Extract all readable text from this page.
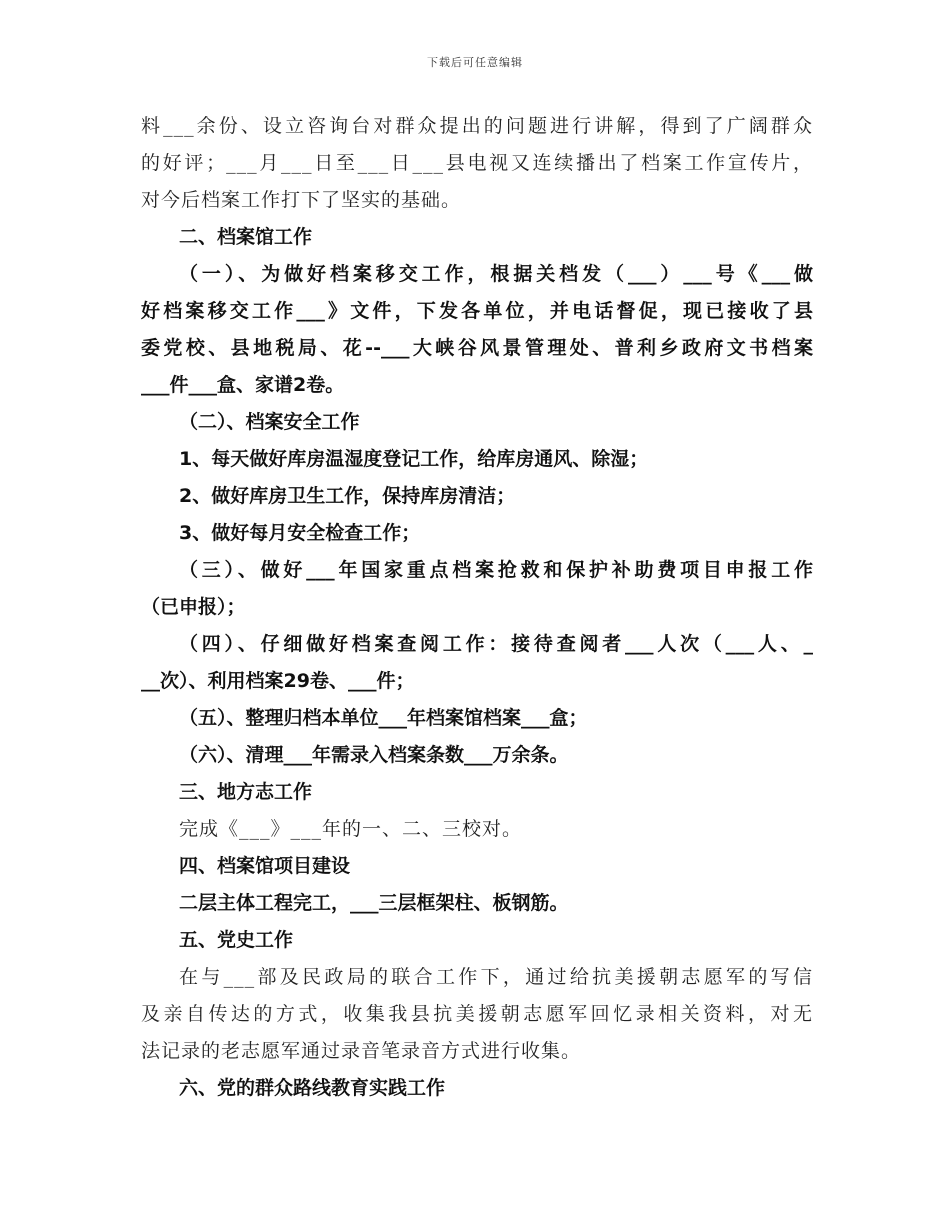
下载后可任意编辑
料___余份、设立咨询台对群众提出的问题进行讲解，得到了广阔群众
的好评；___月___日至___日___县电视又连续播出了档案工作宣传片，
对今后档案工作打下了坚实的基础。
二、档案馆工作
（一）、为做好档案移交工作，根据关档发（___）___号《___做
好档案移交工作___》文件，下发各单位，并电话督促，现已接收了县
委党校、县地税局、花--___大峡谷风景管理处、普利乡政府文书档案
___件___盒、家谱2卷。
（二）、档案安全工作
1、每天做好库房温湿度登记工作，给库房通风、除湿；
2、做好库房卫生工作，保持库房清洁；
3、做好每月安全检查工作；
（三）、做好___年国家重点档案抢救和保护补助费项目申报工作
（已申报）；
（四）、仔细做好档案查阅工作：接待查阅者___人次（___人、_
__次）、利用档案29卷、___件；
（五）、整理归档本单位___年档案馆档案___盒；
（六）、清理___年需录入档案条数___万余条。
三、地方志工作
完成《___》___年的一、二、三校对。
四、档案馆项目建设
二层主体工程完工，___三层框架柱、板钢筋。
五、党史工作
在与___部及民政局的联合工作下，通过给抗美援朝志愿军的写信
及亲自传达的方式，收集我县抗美援朝志愿军回忆录相关资料，对无
法记录的老志愿军通过录音笔录音方式进行收集。
六、党的群众路线教育实践工作
